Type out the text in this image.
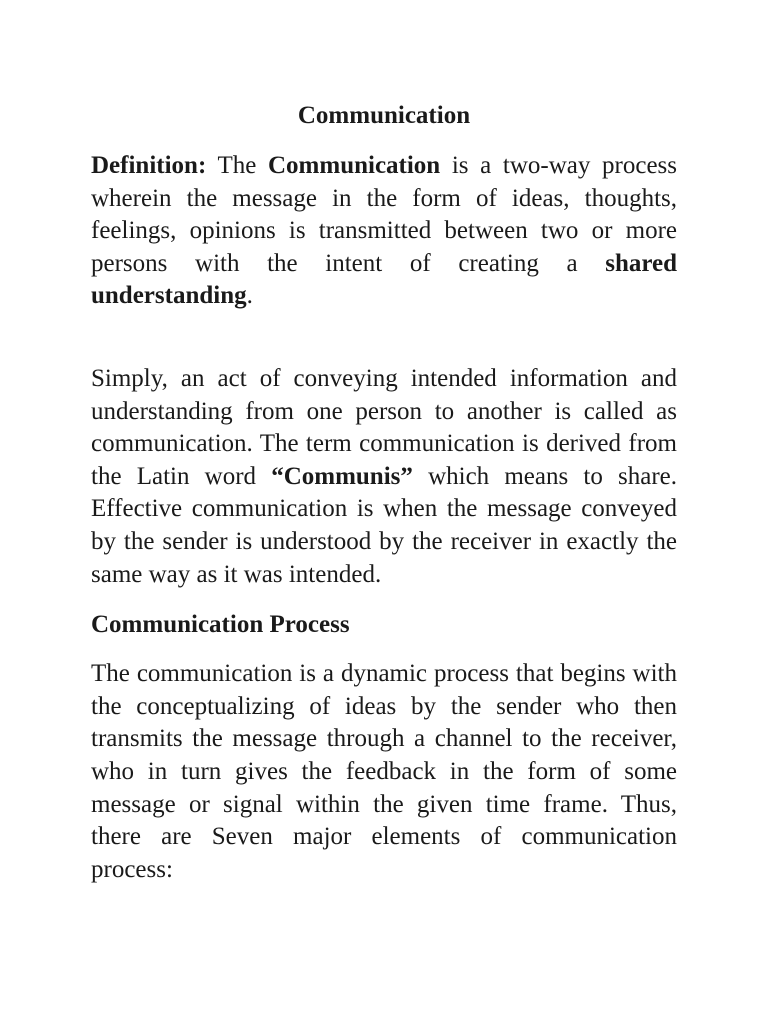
Communication

Definition: The Communication is a two-way process wherein the message in the form of ideas, thoughts, feelings, opinions is transmitted between two or more persons with the intent of creating a shared understanding.

Simply, an act of conveying intended information and understanding from one person to another is called as communication. The term communication is derived from the Latin word “Communis” which means to share. Effective communication is when the message conveyed by the sender is understood by the receiver in exactly the same way as it was intended.

Communication Process

The communication is a dynamic process that begins with the conceptualizing of ideas by the sender who then transmits the message through a channel to the receiver, who in turn gives the feedback in the form of some message or signal within the given time frame. Thus, there are Seven major elements of communication process:
